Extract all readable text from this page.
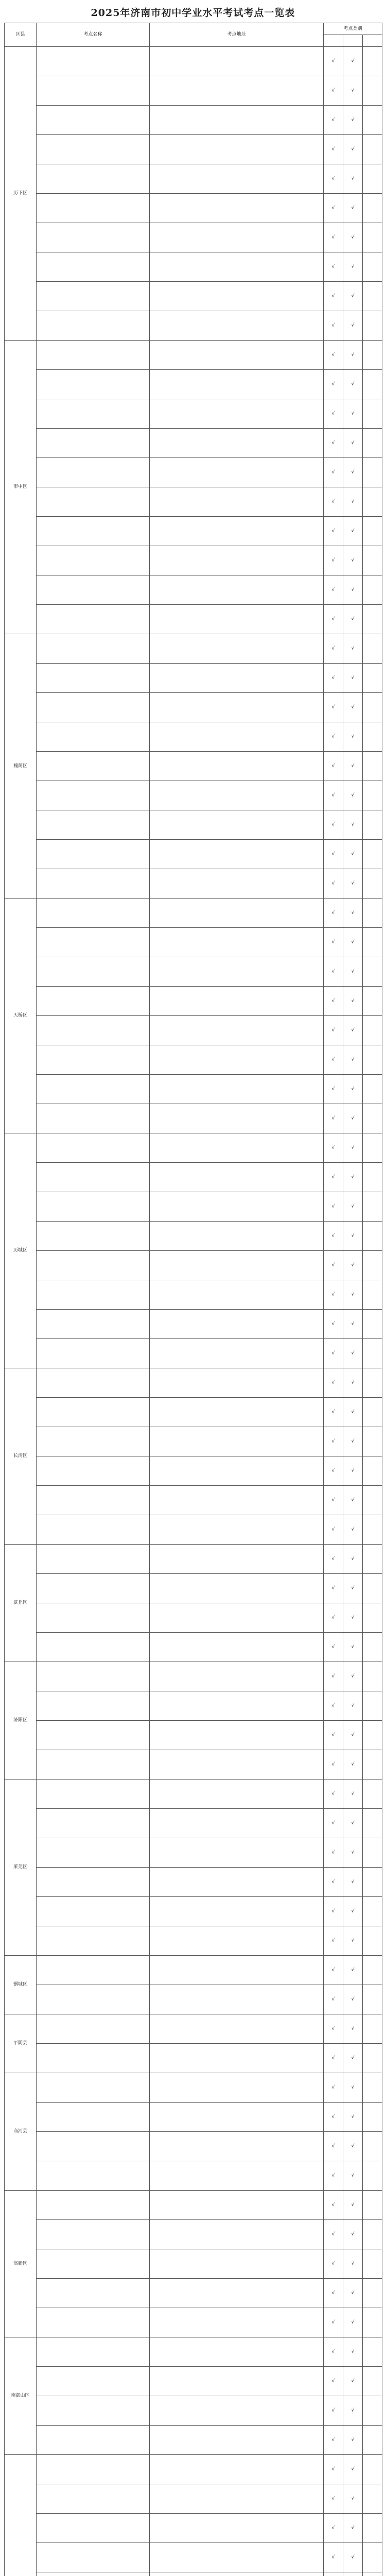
2025年济南市初中学业水平考试考点一览表
区县	考点名称	考点地址	考点类别		

历下区			√	√	
			√	√	
			√	√	
			√	√	
			√	√	
			√	√	
			√	√	
			√	√	
			√	√	
			√	√	
市中区			√	√	
			√	√	
			√	√	
			√	√	
			√	√	
			√	√	
			√	√	
			√	√	
			√	√	
			√	√	
槐荫区			√	√	
			√	√	
			√	√	
			√	√	
			√	√	
			√	√	
			√	√	
			√	√	
			√	√	
天桥区			√	√	
			√	√	
			√	√	
			√	√	
			√	√	
			√	√	
			√	√	
			√	√	
历城区			√	√	
			√	√	
			√	√	
			√	√	
			√	√	
			√	√	
			√	√	
			√	√	
长清区			√	√	
			√	√	
			√	√	
			√	√	
			√	√	
			√	√	
章丘区			√	√	
			√	√	
			√	√	
			√	√	
济阳区			√	√	
			√	√	
			√	√	
			√	√	
莱芜区			√	√	
			√	√	
			√	√	
			√	√	
			√	√	
			√	√	
钢城区			√	√	
			√	√	
平阴县			√	√	
			√	√	
商河县			√	√	
			√	√	
			√	√	
			√	√	
高新区			√	√	
			√	√	
			√	√	
			√	√	
			√	√	
南部山区			√	√	
			√	√	
			√	√	
			√	√	
			√	√	
			√	√	
			√	√	
			√	√	
